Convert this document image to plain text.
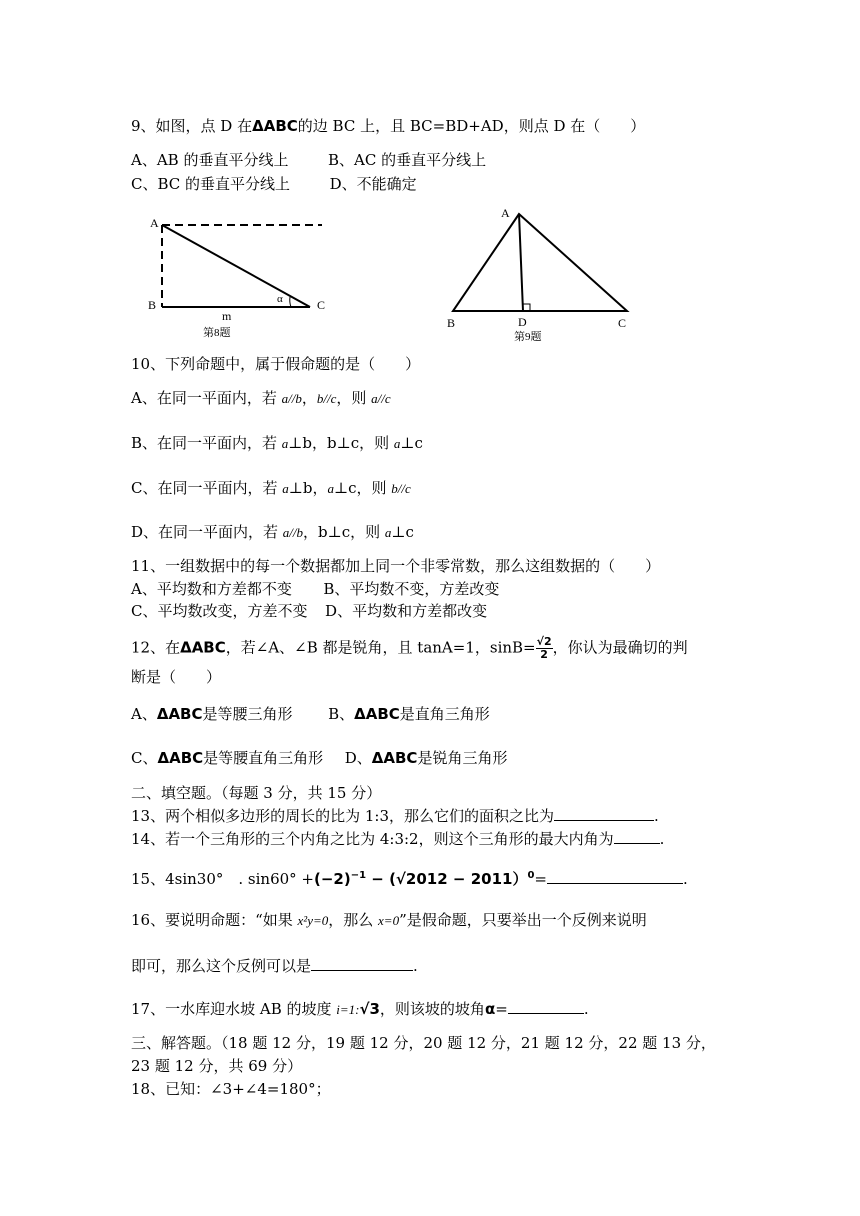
9、如图，点 D 在ΔABC的边 BC 上，且 BC=BD+AD，则点 D 在（　　）
A、AB 的垂直平分线上	B、AC 的垂直平分线上
C、BC 的垂直平分线上	D、不能确定
A
B	C
α
m
第8题
A
B	D	C
第9题
10、下列命题中，属于假命题的是（　　）
A、在同一平面内，若 a//b，b//c，则 a//c
B、在同一平面内，若 a⊥b，b⊥c，则 a⊥c
C、在同一平面内，若 a⊥b，a⊥c，则 b//c
D、在同一平面内，若 a//b，b⊥c，则 a⊥c
11、一组数据中的每一个数据都加上同一个非零常数，那么这组数据的（　　）
A、平均数和方差都不变 B、平均数不变，方差改变
C、平均数改变，方差不变 D、平均数和方差都改变
12、在ΔABC，若∠A、∠B 都是锐角，且 tanA=1，$\sin B= \frac{√2}{2}$ ，你认为最确切的判
断是（　　）
A、ΔABC是等腰三角形 B、ΔABC是直角三角形
C、ΔABC是等腰直角三角形 D、ΔABC是锐角三角形
二、填空题。（每题 3 分，共 15 分）
13、两个相似多边形的周长的比为 1:3，那么它们的面积之比为	.
14、若一个三角形的三个内角之比为 4:3:2，则这个三角形的最大内角为	.
15、4sin30°　. $\sin 60^\circ +(-2)^{-1} - (√2012 - 2011)^0=$	.
16、要说明命题：“如果 x²y=0，那么 x=0”是假命题，只要举出一个反例来说明
即可，那么这个反例可以是	.
17、一水库迎水坡 AB 的坡度 i=1:√3，则该坡的坡角α=	.
三、解答题。（18 题 12 分，19 题 12 分，20 题 12 分，21 题 12 分，22 题 13 分，
23 题 12 分，共 69 分）
18、已知：∠3+∠4=180°；
